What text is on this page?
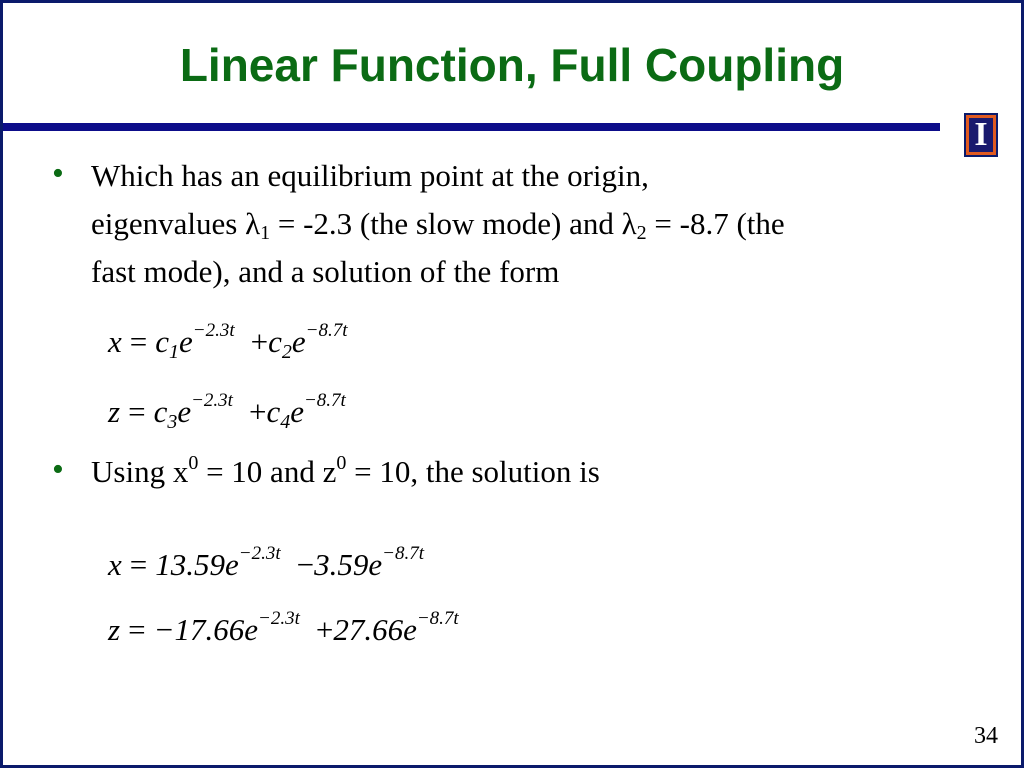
Linear Function, Full Coupling
I
• Which has an equilibrium point at the origin,
eigenvalues $\lambda_1 = -2.3$ (the slow mode) and $\lambda_2 = -8.7$ (the
fast mode), and a solution of the form
$x = c_1e^{-2.3t} +c_2e^{-8.7t}$
$z = c_3e^{-2.3t} +c_4e^{-8.7t}$
• Using $x^0 = 10$ and $z^0 = 10$, the solution is
$x = 13.59e^{-2.3t} -3.59e^{-8.7t}$
$z = -17.66e^{-2.3t} +27.66e^{-8.7t}$
34
